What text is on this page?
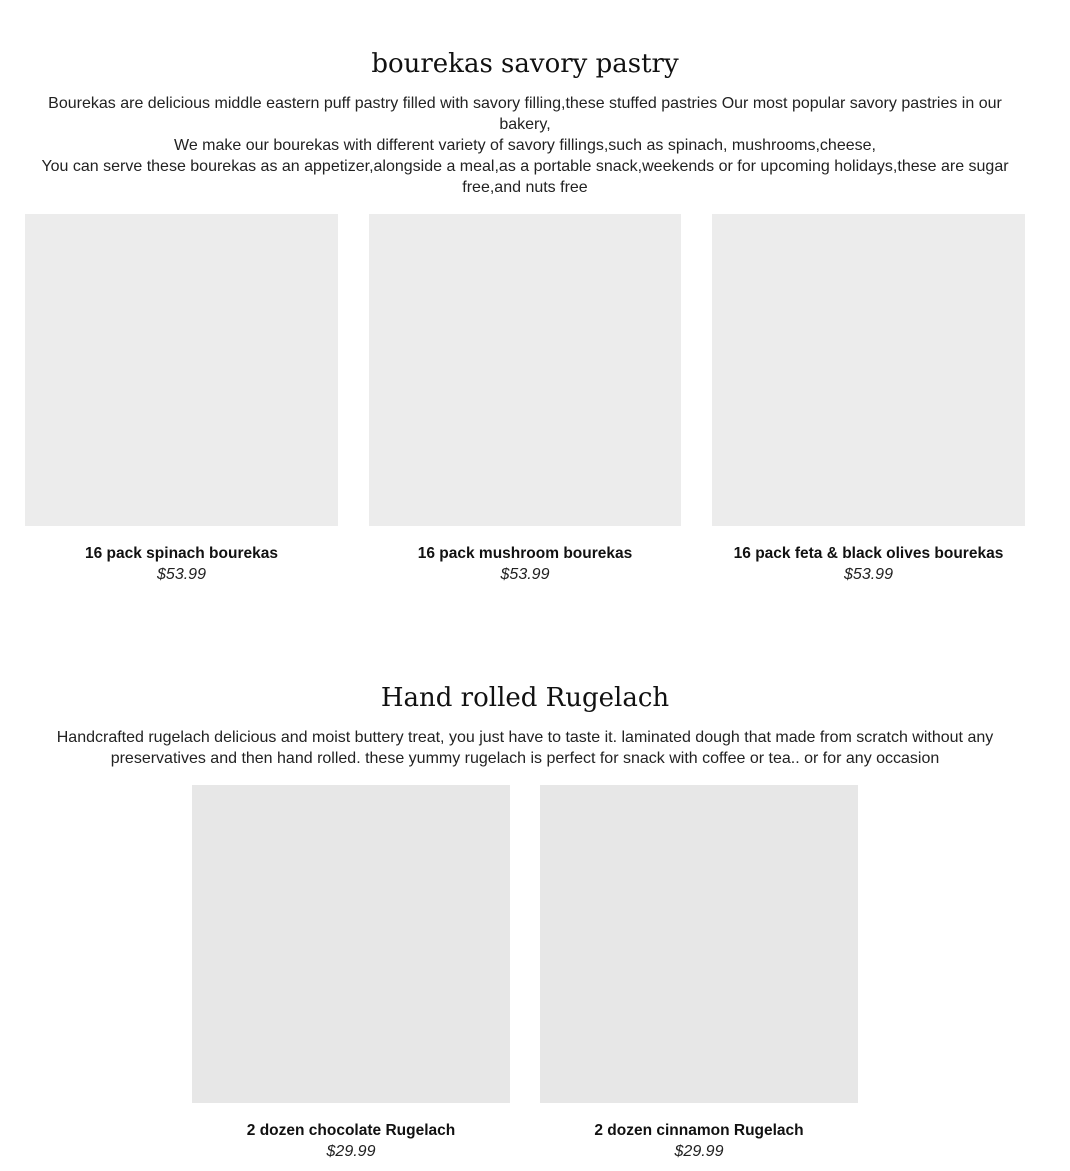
bourekas savory pastry

Bourekas are delicious middle eastern puff pastry filled with savory filling,these stuffed pastries Our most popular savory pastries in our bakery,

We make our bourekas with different variety of savory fillings,such as spinach, mushrooms,cheese,

You can serve these bourekas as an appetizer,alongside a meal,as a portable snack,weekends or for upcoming holidays,these are sugar free,and nuts free

16 pack spinach bourekas
$53.99
16 pack mushroom bourekas
$53.99
16 pack feta & black olives bourekas
$53.99
Hand rolled Rugelach

Handcrafted rugelach delicious and moist buttery treat, you just have to taste it. laminated dough that made from scratch without any preservatives and then hand rolled. these yummy rugelach is perfect for snack with coffee or tea.. or for any occasion

2 dozen chocolate Rugelach
$29.99
2 dozen cinnamon Rugelach
$29.99
